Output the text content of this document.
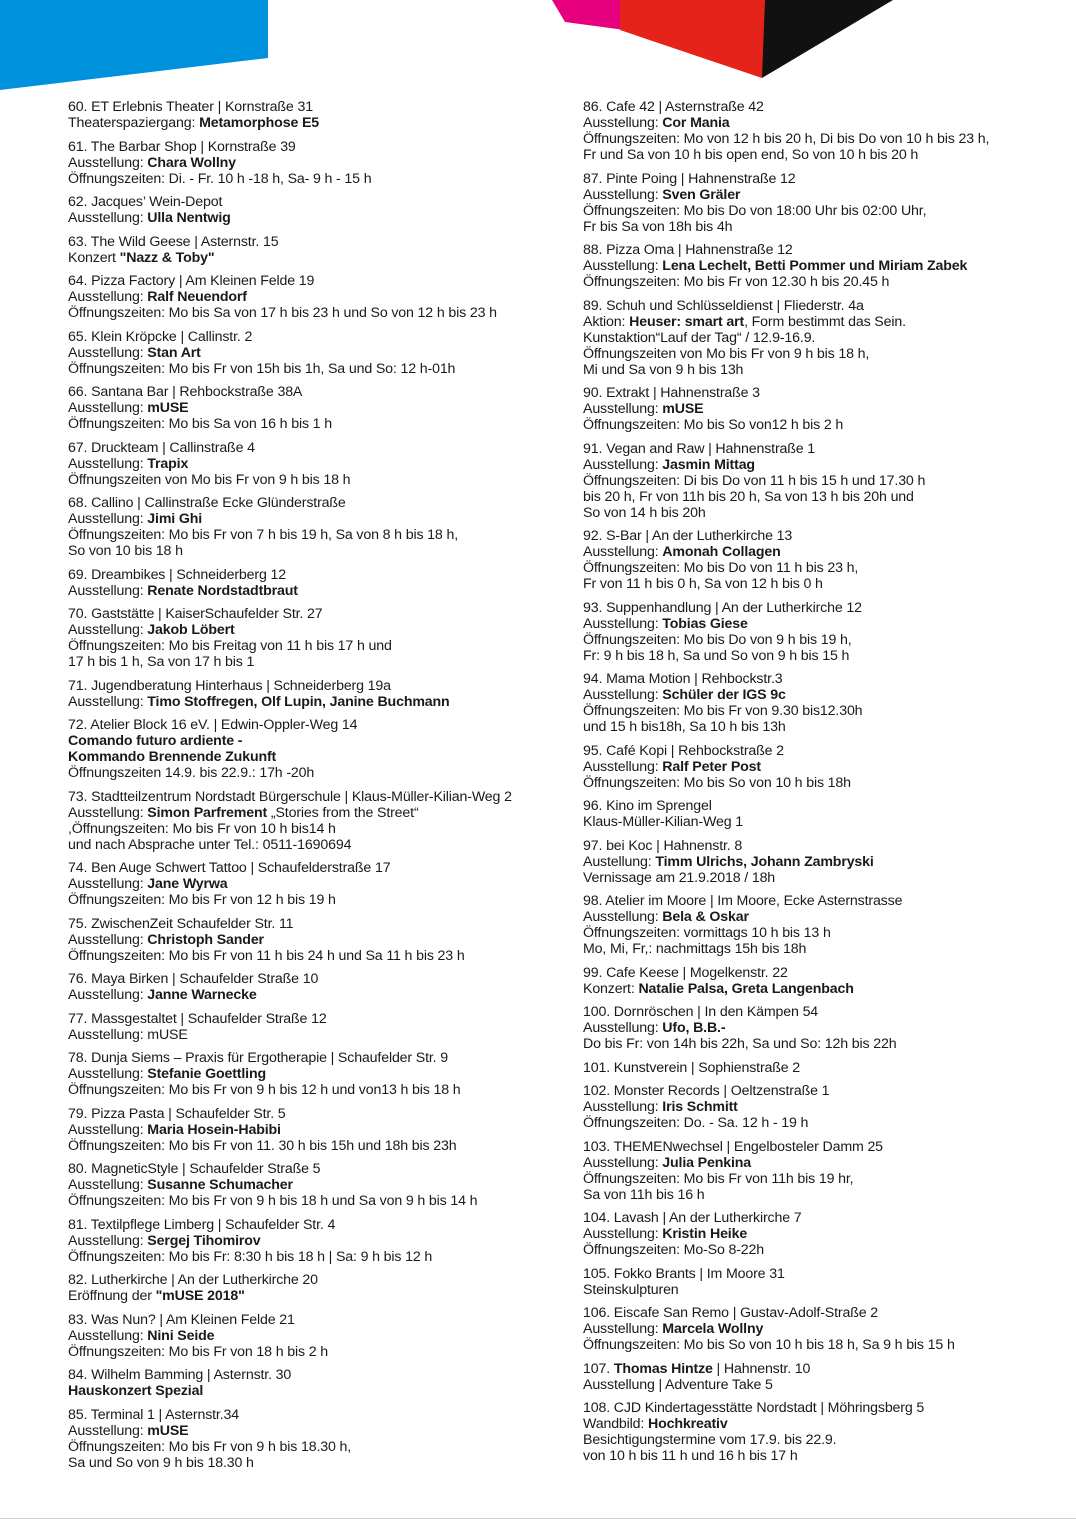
60. ET Erlebnis Theater | Kornstraße 31
Theaterspaziergang: Metamorphose E5
61. The Barbar Shop | Kornstraße 39
Ausstellung: Chara Wollny
Öffnungszeiten: Di. - Fr. 10 h -18 h, Sa- 9 h - 15 h
62. Jacques’ Wein-Depot
Ausstellung: Ulla Nentwig
63. The Wild Geese | Asternstr. 15
Konzert "Nazz & Toby"
64. Pizza Factory | Am Kleinen Felde 19
Ausstellung: Ralf Neuendorf
Öffnungszeiten: Mo bis Sa von 17 h bis 23 h und So von 12 h bis 23 h
65. Klein Kröpcke | Callinstr. 2
Ausstellung: Stan Art
Öffnungszeiten: Mo bis Fr von 15h bis 1h, Sa und So: 12 h-01h
66. Santana Bar | Rehbockstraße 38A
Ausstellung: mUSE
Öffnungszeiten: Mo bis Sa von 16 h bis 1 h
67. Druckteam | Callinstraße 4
Ausstellung: Trapix
Öffnungszeiten von Mo bis Fr von 9 h bis 18 h
68. Callino | Callinstraße Ecke Glünderstraße
Ausstellung: Jimi Ghi
Öffnungszeiten: Mo bis Fr von 7 h bis 19 h, Sa von 8 h bis 18 h,
So von 10 bis 18 h
69. Dreambikes | Schneiderberg 12
Ausstellung: Renate Nordstadtbraut
70. Gaststätte | KaiserSchaufelder Str. 27
Ausstellung: Jakob Löbert
Öffnungszeiten: Mo bis Freitag von 11 h bis 17 h und
17 h bis 1 h, Sa von 17 h bis 1
71. Jugendberatung Hinterhaus | Schneiderberg 19a
Ausstellung: Timo Stoffregen, Olf Lupin, Janine Buchmann
72. Atelier Block 16 eV. | Edwin-Oppler-Weg 14
Comando futuro ardiente -
Kommando Brennende Zukunft
Öffnungszeiten 14.9. bis 22.9.: 17h -20h
73. Stadtteilzentrum Nordstadt Bürgerschule | Klaus-Müller-Kilian-Weg 2
Ausstellung: Simon Parfrement „Stories from the Street“
,Öffnungszeiten: Mo bis Fr von 10 h bis14 h
und nach Absprache unter Tel.: 0511-1690694
74. Ben Auge Schwert Tattoo | Schaufelderstraße 17
Ausstellung: Jane Wyrwa
Öffnungszeiten: Mo bis Fr von 12 h bis 19 h
75. ZwischenZeit Schaufelder Str. 11
Ausstellung: Christoph Sander
Öffnungszeiten: Mo bis Fr von 11 h bis 24 h und Sa 11 h bis 23 h
76. Maya Birken | Schaufelder Straße 10
Ausstellung: Janne Warnecke
77. Massgestaltet | Schaufelder Straße 12
Ausstellung: mUSE
78. Dunja Siems – Praxis für Ergotherapie | Schaufelder Str. 9
Ausstellung: Stefanie Goettling
Öffnungszeiten: Mo bis Fr von 9 h bis 12 h und von13 h bis 18 h
79. Pizza Pasta | Schaufelder Str. 5
Ausstellung: Maria Hosein-Habibi
Öffnungszeiten: Mo bis Fr von 11. 30 h bis 15h und 18h bis 23h
80. MagneticStyle | Schaufelder Straße 5
Ausstellung: Susanne Schumacher
Öffnungszeiten: Mo bis Fr von 9 h bis 18 h und Sa von 9 h bis 14 h
81. Textilpflege Limberg | Schaufelder Str. 4
Ausstellung: Sergej Tihomirov
Öffnungszeiten: Mo bis Fr: 8:30 h bis 18 h | Sa: 9 h bis 12 h
82. Lutherkirche | An der Lutherkirche 20
Eröffnung der "mUSE 2018"
83. Was Nun? | Am Kleinen Felde 21
Ausstellung: Nini Seide
Öffnungszeiten: Mo bis Fr von 18 h bis 2 h
84. Wilhelm Bamming | Asternstr. 30
Hauskonzert Spezial
85. Terminal 1 | Asternstr.34
Ausstellung: mUSE
Öffnungszeiten: Mo bis Fr von 9 h bis 18.30 h,
Sa und So von 9 h bis 18.30 h
86. Cafe 42 | Asternstraße 42
Ausstellung: Cor Mania
Öffnungszeiten: Mo von 12 h bis 20 h, Di bis Do von 10 h bis 23 h,
Fr und Sa von 10 h bis open end, So von 10 h bis 20 h
87. Pinte Poing | Hahnenstraße 12
Ausstellung: Sven Gräler
Öffnungszeiten: Mo bis Do von 18:00 Uhr bis 02:00 Uhr,
Fr bis Sa von 18h bis 4h
88. Pizza Oma | Hahnenstraße 12
Ausstellung: Lena Lechelt, Betti Pommer und Miriam Zabek
Öffnungszeiten: Mo bis Fr von 12.30 h bis 20.45 h
89. Schuh und Schlüsseldienst | Fliederstr. 4a
Aktion: Heuser: smart art, Form bestimmt das Sein.
Kunstaktion“Lauf der Tag“ / 12.9-16.9.
Öffnungszeiten von Mo bis Fr von 9 h bis 18 h,
Mi und Sa von 9 h bis 13h
90. Extrakt | Hahnenstraße 3
Ausstellung: mUSE
Öffnungszeiten: Mo bis So von12 h bis 2 h
91. Vegan and Raw | Hahnenstraße 1
Ausstellung: Jasmin Mittag
Öffnungszeiten: Di bis Do von 11 h bis 15 h und 17.30 h
bis 20 h, Fr von 11h bis 20 h, Sa von 13 h bis 20h und
So von 14 h bis 20h
92. S-Bar | An der Lutherkirche 13
Ausstellung: Amonah Collagen
Öffnungszeiten: Mo bis Do von 11 h bis 23 h,
Fr von 11 h bis 0 h, Sa von 12 h bis 0 h
93. Suppenhandlung | An der Lutherkirche 12
Ausstellung: Tobias Giese
Öffnungszeiten: Mo bis Do von 9 h bis 19 h,
Fr: 9 h bis 18 h, Sa und So von 9 h bis 15 h
94. Mama Motion | Rehbockstr.3
Ausstellung: Schüler der IGS 9c
Öffnungszeiten: Mo bis Fr von 9.30 bis12.30h
und 15 h bis18h, Sa 10 h bis 13h
95. Café Kopi | Rehbockstraße 2
Ausstellung: Ralf Peter Post
Öffnungszeiten: Mo bis So von 10 h bis 18h
96. Kino im Sprengel
Klaus-Müller-Kilian-Weg 1
97. bei Koc | Hahnenstr. 8
Austellung: Timm Ulrichs, Johann Zambryski
Vernissage am 21.9.2018 / 18h
98. Atelier im Moore | Im Moore, Ecke Asternstrasse
Ausstellung: Bela & Oskar
Öffnungszeiten: vormittags 10 h bis 13 h
Mo, Mi, Fr,: nachmittags 15h bis 18h
99. Cafe Keese | Mogelkenstr. 22
Konzert: Natalie Palsa, Greta Langenbach
100. Dornröschen | In den Kämpen 54
Ausstellung: Ufo, B.B.-
Do bis Fr: von 14h bis 22h, Sa und So: 12h bis 22h
101. Kunstverein | Sophienstraße 2
102. Monster Records | Oeltzenstraße 1
Ausstellung: Iris Schmitt
Öffnungszeiten: Do. - Sa. 12 h - 19 h
103. THEMENwechsel | Engelbosteler Damm 25
Ausstellung: Julia Penkina
Öffnungszeiten: Mo bis Fr von 11h bis 19 hr,
Sa von 11h bis 16 h
104. Lavash | An der Lutherkirche 7
Ausstellung: Kristin Heike
Öffnungszeiten: Mo-So 8-22h
105. Fokko Brants | Im Moore 31
Steinskulpturen
106. Eiscafe San Remo | Gustav-Adolf-Straße 2
Ausstellung: Marcela Wollny
Öffnungszeiten: Mo bis So von 10 h bis 18 h, Sa 9 h bis 15 h
107. Thomas Hintze | Hahnenstr. 10
Ausstellung | Adventure Take 5
108. CJD Kindertagesstätte Nordstadt | Möhringsberg 5
Wandbild: Hochkreativ
Besichtigungstermine vom 17.9. bis 22.9.
von 10 h bis 11 h und 16 h bis 17 h
